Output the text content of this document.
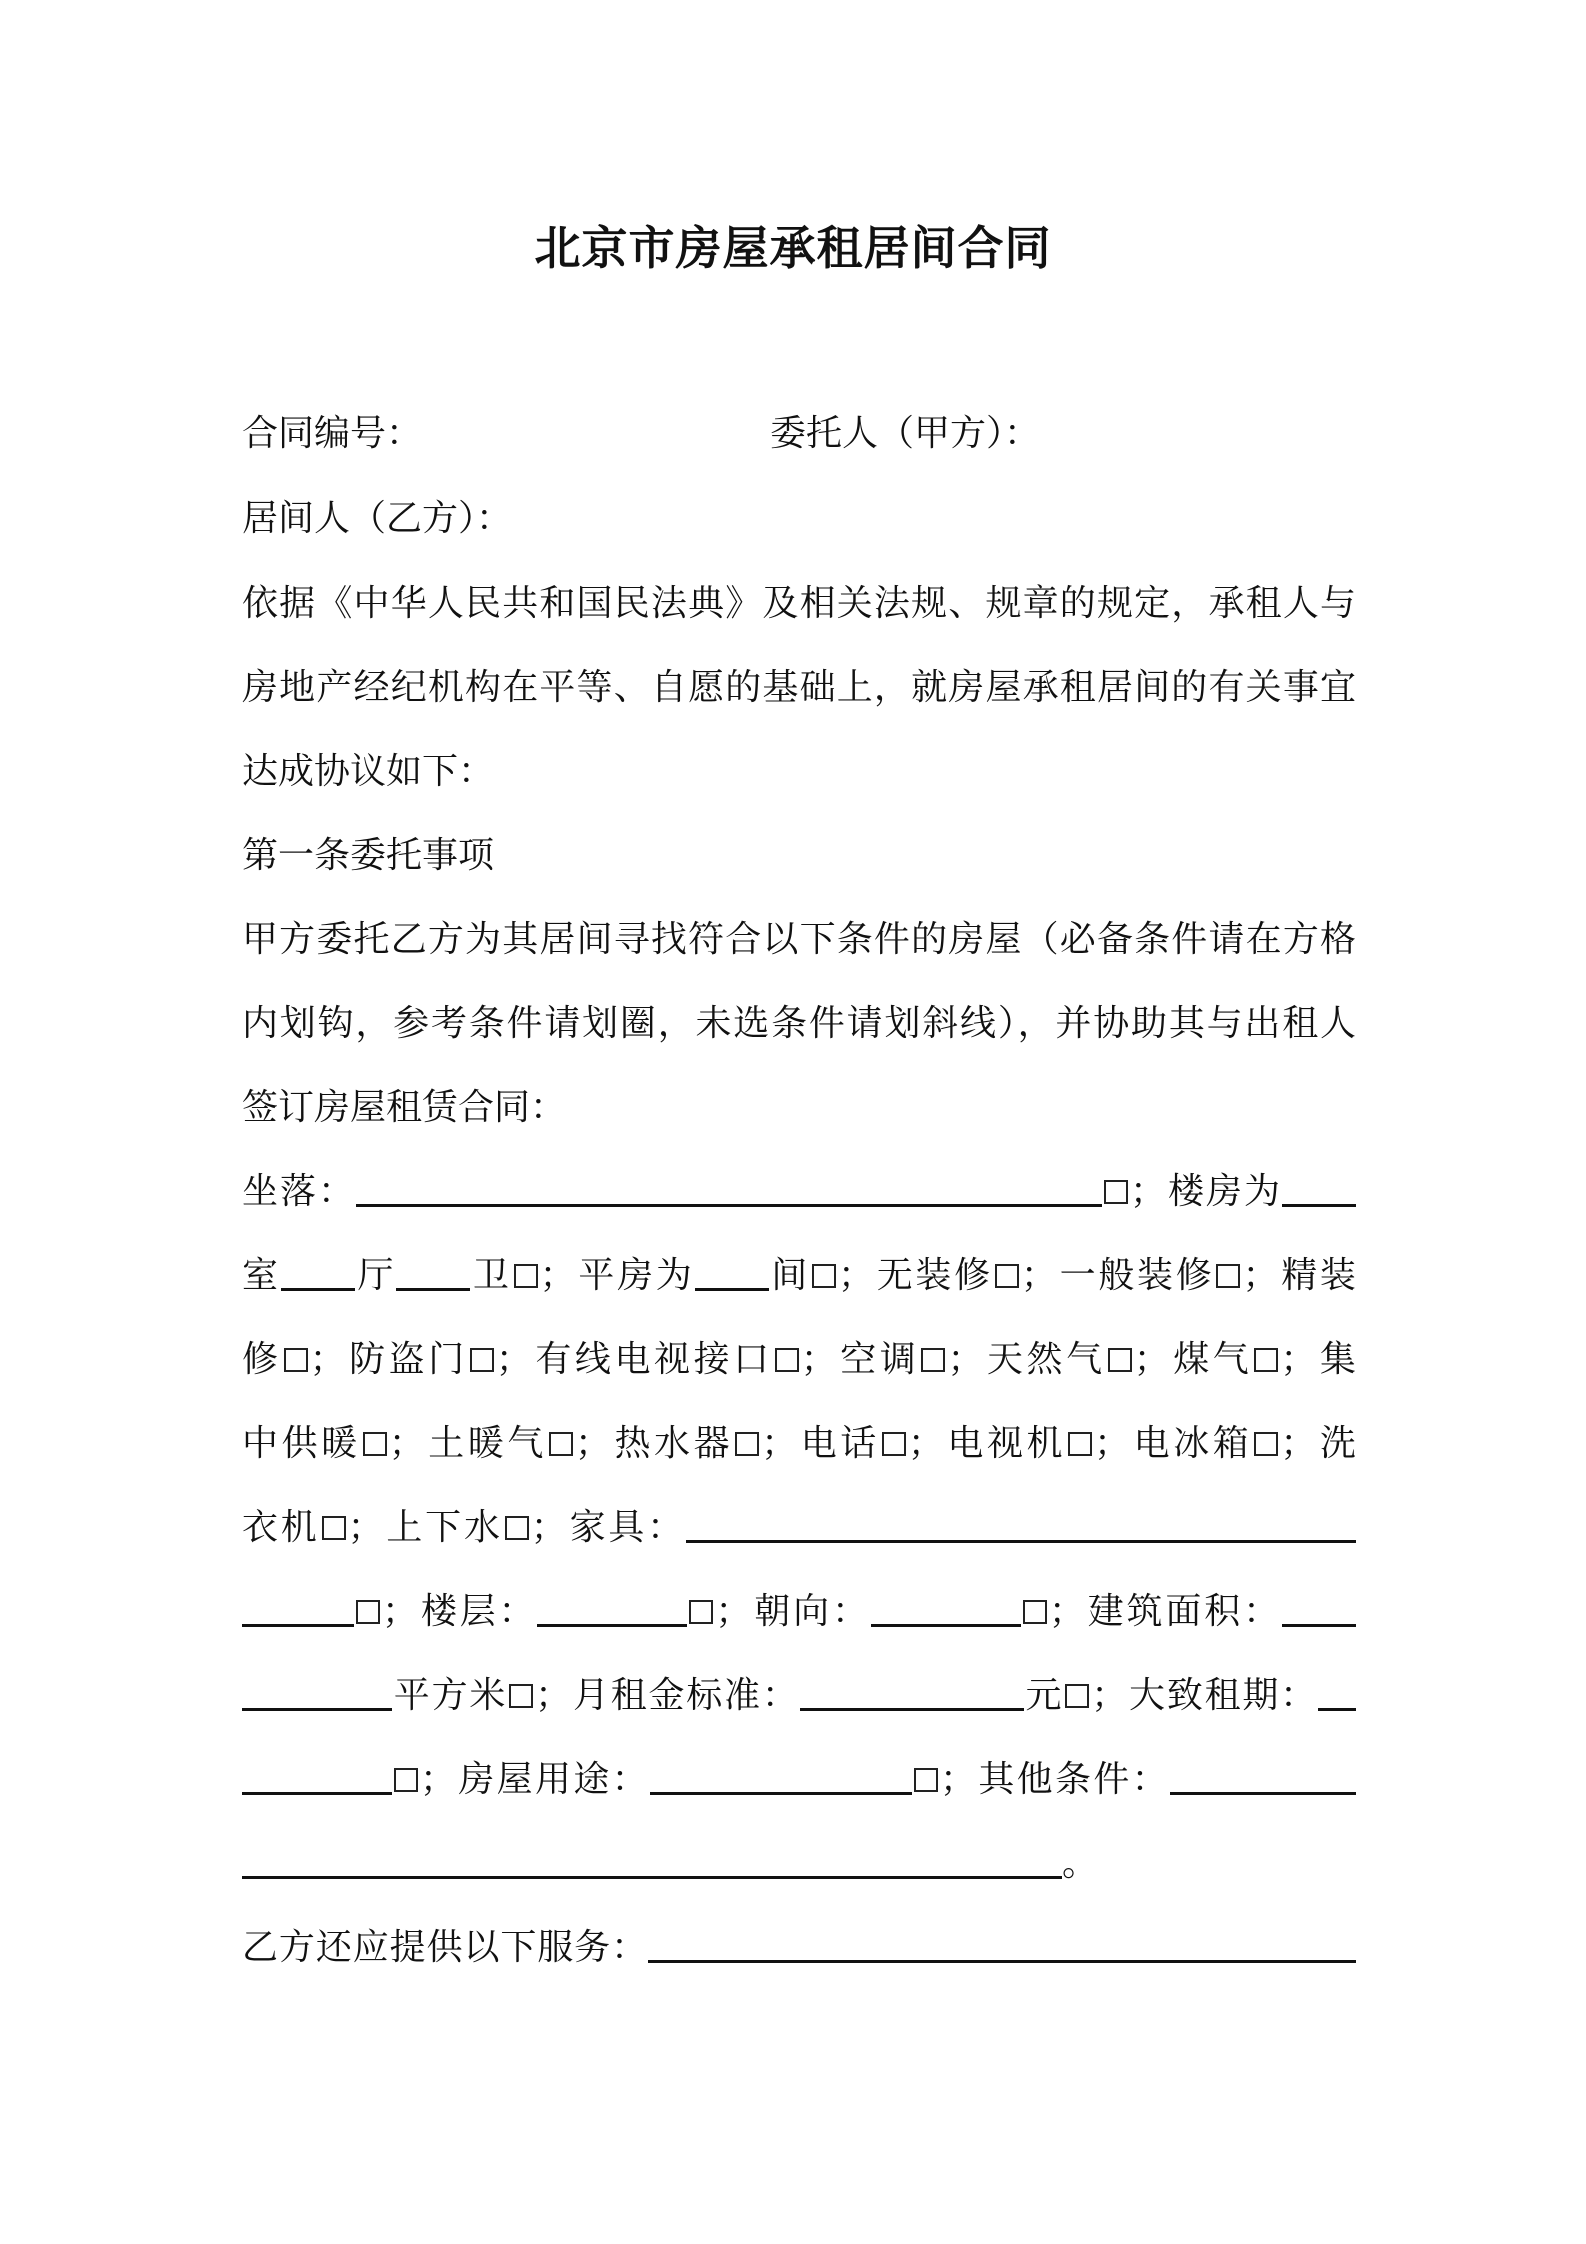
北京市房屋承租居间合同
合同编号：	委托人（甲方）：
居间人（乙方）：
依据《中华人民共和国民法典》及相关法规、规章的规定，承租人与
房地产经纪机构在平等、自愿的基础上，就房屋承租居间的有关事宜
达成协议如下：
第一条委托事项
甲方委托乙方为其居间寻找符合以下条件的房屋（必备条件请在方格
内划钩，参考条件请划圈，未选条件请划斜线），并协助其与出租人
签订房屋租赁合同：
坐落：	；楼房为
室 厅 卫 ；平房为 间 ；无装修 ；一般装修 ；精装
修 ；防盗门 ；有线电视接口 ；空调 ；天然气 ；煤气 ；集
中供暖 ；土暖气 ；热水器 ；电话 ；电视机 ；电冰箱 ；洗
衣机 ；上下水 ；家具：
；楼层：	；朝向：	；建筑面积：
平方米 ；月租金标准：	元 ；大致租期：
；房屋用途：	；其他条件：
。
乙方还应提供以下服务：
